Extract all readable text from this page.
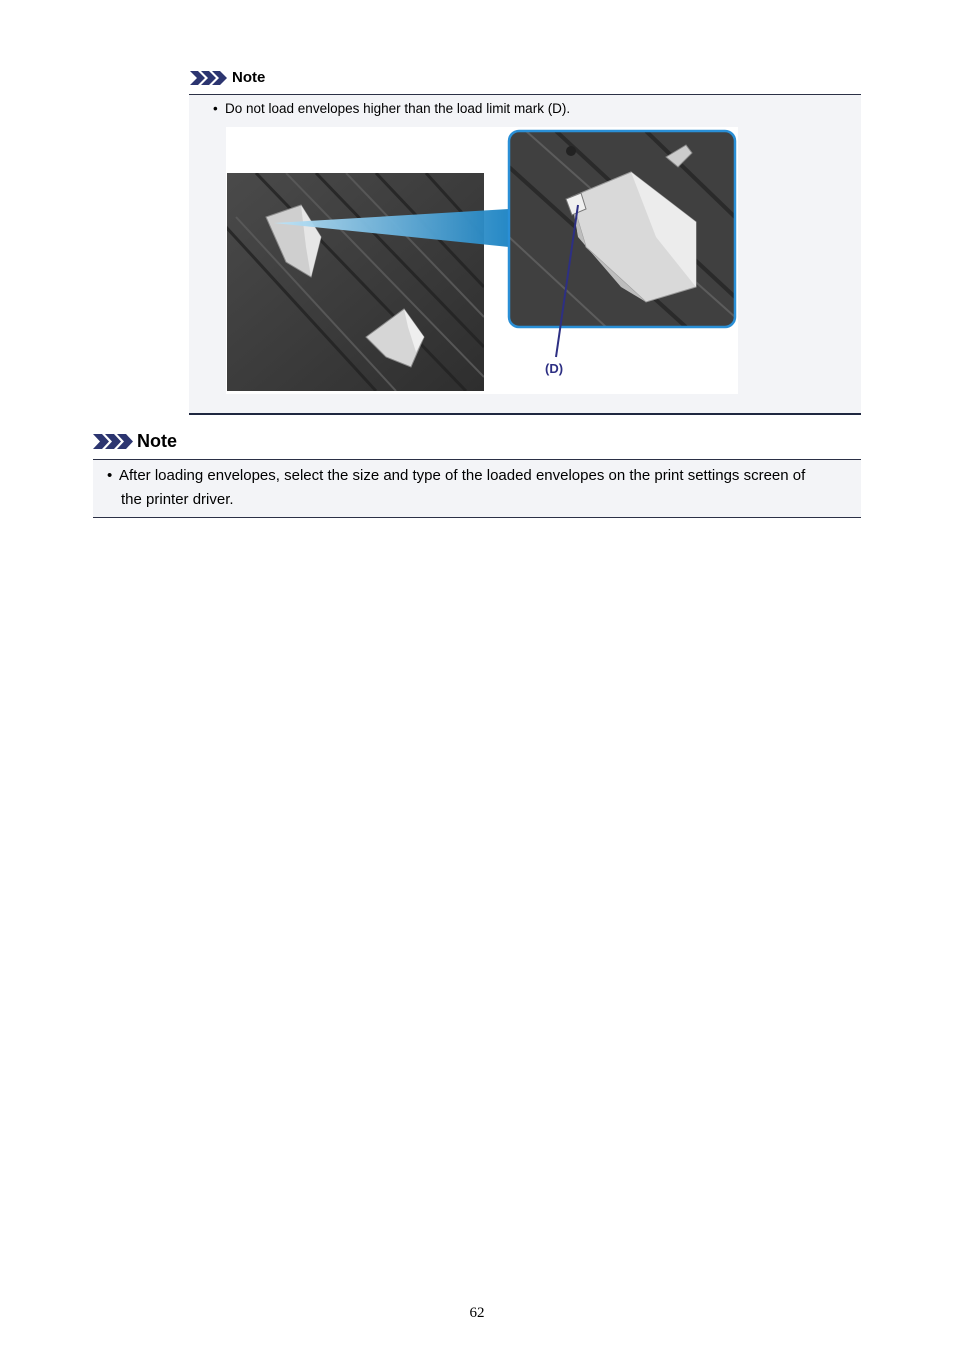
Note
• Do not load envelopes higher than the load limit mark (D).
(D)
Note
• After loading envelopes, select the size and type of the loaded envelopes on the print settings screen of
the printer driver.
62
